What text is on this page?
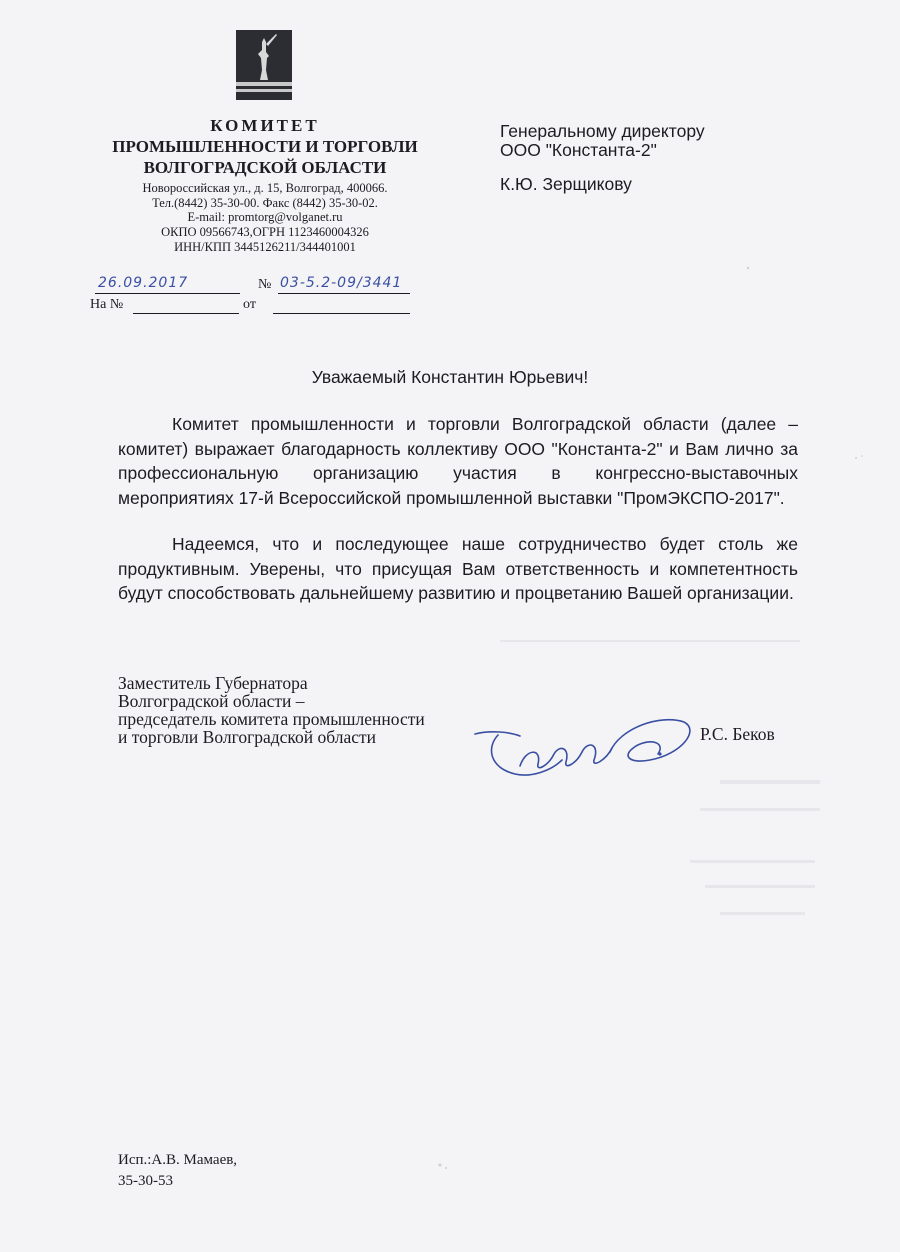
КОМИТЕТ
ПРОМЫШЛЕННОСТИ И ТОРГОВЛИ
ВОЛГОГРАДСКОЙ ОБЛАСТИ
Новороссийская ул., д. 15, Волгоград, 400066.
Тел.(8442) 35-30-00. Факс (8442) 35-30-02.
E-mail: promtorg@volganet.ru
ОКПО 09566743,ОГРН 1123460004326
ИНН/КПП 3445126211/344401001
26.09.2017	№ 03-5.2-09/3441
На №	от
Генеральному директору
ООО "Константа-2"
К.Ю. Зерщикову
Уважаемый Константин Юрьевич!

Комитет промышленности и торговли Волгоградской области (далее – комитет) выражает благодарность коллективу ООО "Константа-2" и Вам лично за профессиональную организацию участия в конгрессно-выставочных мероприятиях 17-й Всероссийской промышленной выставки "ПромЭКСПО-2017".

Надеемся, что и последующее наше сотрудничество будет столь же продуктивным. Уверены, что присущая Вам ответственность и компетентность будут способствовать дальнейшему развитию и процветанию Вашей организации.

Заместитель Губернатора
Волгоградской области –
председатель комитета промышленности
и торговли Волгоградской области	Р.С. Беков
Исп.:А.В. Мамаев,
35-30-53
